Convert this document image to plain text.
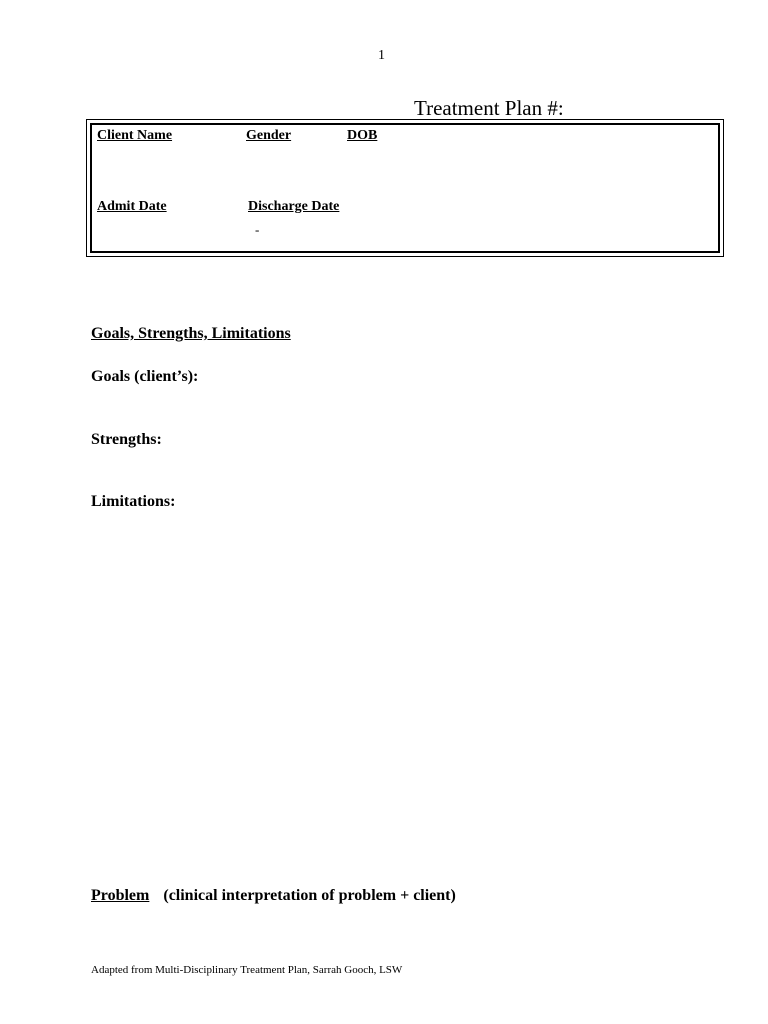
1
Treatment Plan #:
Client Name	Gender	DOB
Admit Date	Discharge Date
-
Goals, Strengths, Limitations
Goals (client’s):
Strengths:
Limitations:
Problem (clinical interpretation of problem + client)
Adapted from Multi-Disciplinary Treatment Plan, Sarrah Gooch, LSW
